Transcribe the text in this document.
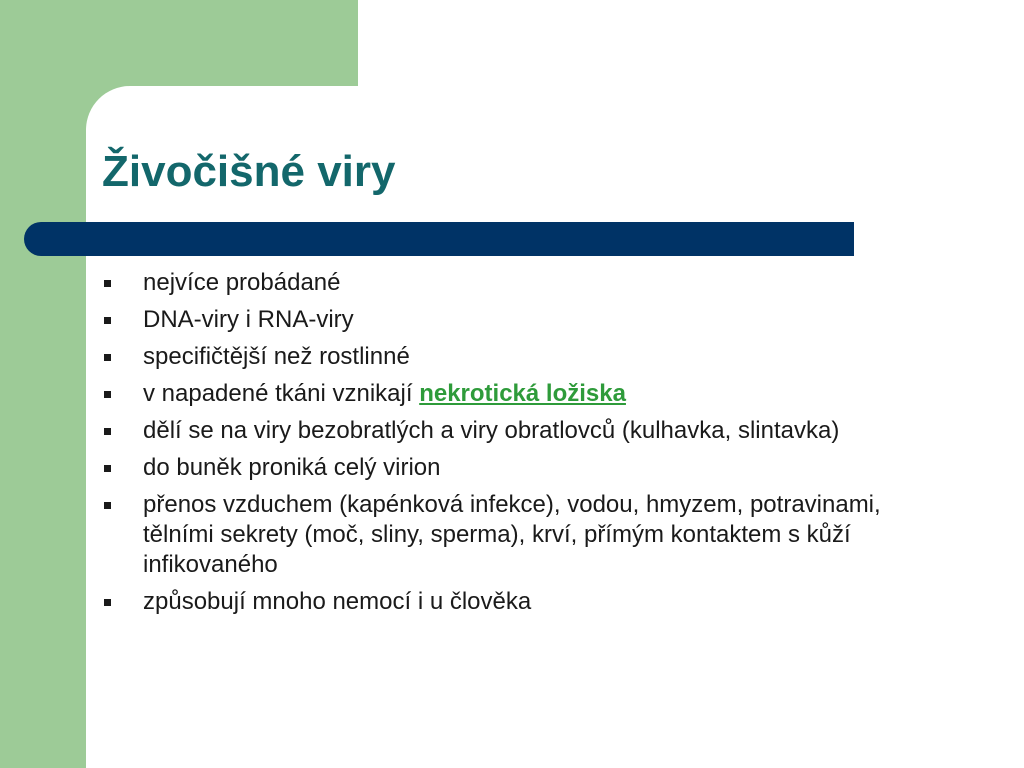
Živočišné viry
nejvíce probádané
DNA-viry i RNA-viry
specifičtější než rostlinné
v napadené tkáni vznikají nekrotická ložiska
dělí se na viry bezobratlých a viry obratlovců (kulhavka, slintavka)
do buněk proniká celý virion
přenos vzduchem (kapénková infekce), vodou, hmyzem, potravinami, tělními sekrety (moč, sliny, sperma), krví, přímým kontaktem s kůží infikovaného
způsobují mnoho nemocí i u člověka
